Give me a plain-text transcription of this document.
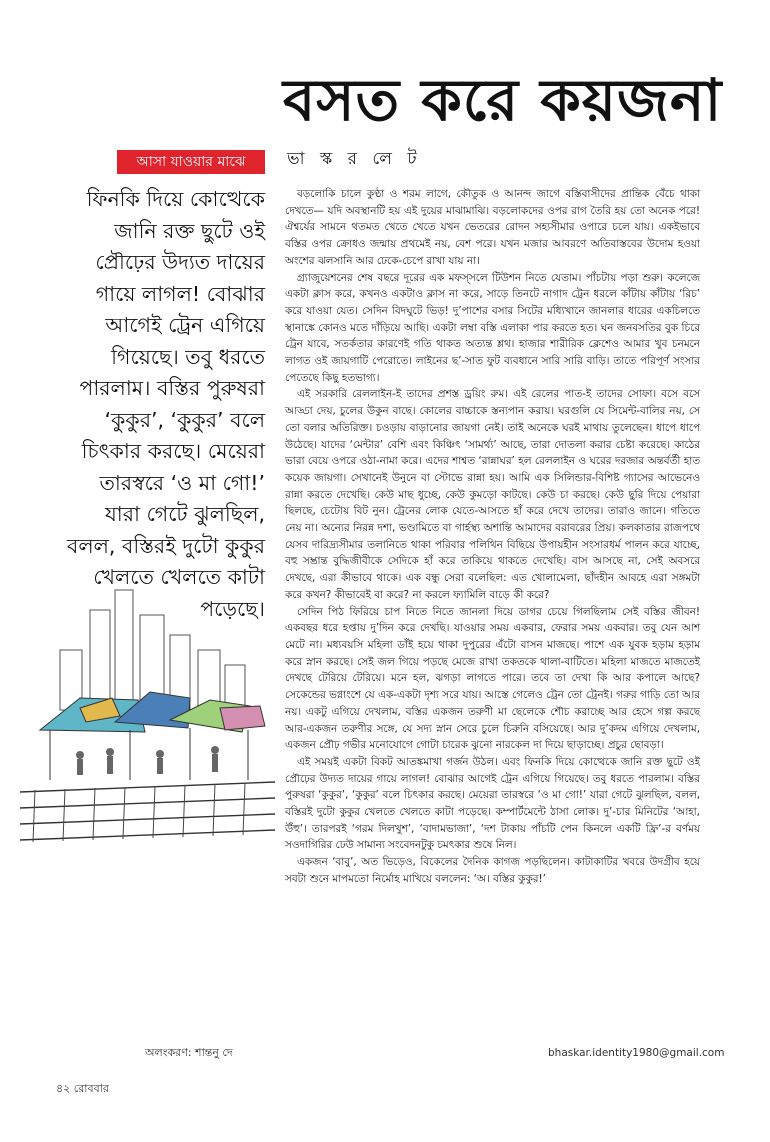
বসত করে কয়জনা
ভা স্ক র লে ট
আসা যাওয়ার মাঝে
ফিনকি দিয়ে কোত্থেকে জানি রক্ত ছুটে ওই প্রৌঢ়ের উদ্যত দায়ের গায়ে লাগল! বোঝার আগেই ট্রেন এগিয়ে গিয়েছে। তবু ধরতে পারলাম। বস্তির পুরুষরা ‘কুকুর’, ‘কুকুর’ বলে চিৎকার করছে। মেয়েরা তারস্বরে ‘ও মা গো!’ যারা গেটে ঝুলছিল, বলল, বস্তিরই দুটো কুকুর খেলতে খেলতে কাটা পড়েছে।

বড়লোকি চালে কুণ্ঠা ও শরম লাগে, কৌতুক ও আনন্দ জাগে বস্তিবাসীদের প্রান্তিক বেঁচে থাকা দেখতে— যদি অবস্থানটি হয় এই দুয়ের মাঝামাঝি। বড়লোকদের ওপর রাগ তৈরি হয় তো অনেক পরে! ঐশ্বর্যের সামনে থতমত খেতে খেতে যখন ভেতরের রোদন সহ্যসীমার ওপারে চলে যায়। একইভাবে বস্তির ওপর ক্রোধও জন্মায় প্রথমেই নয়, বেশ পরে। যখন মজার আবরণে অতিবাস্তবের উদোম হওয়া অংশের ঝলসানি আর ঢেকে-চেপে রাখা যায় না।

গ্র্যাজুয়েশনের শেষ বছরে দূরের এক মফস্সলে টিউশন নিতে যেতাম। পাঁচটায় পড়া শুরু। কলেজে একটা ক্লাস করে, কখনও একটাও ক্লাস না করে, সাড়ে তিনটে নাগাদ ট্রেন ধরলে কাঁটায় কাঁটায় ‘রিচ’ করে যাওয়া যেত। সেদিন বিদঘুটে ভিড়! দু’পাশের বসার সিটের মধ্যিখানে জানলার ধারের একচিলতে স্থানাঙ্কে কোনও মতে দাঁড়িয়ে আছি। একটা লম্বা বস্তি এলাকা পার করতে হত। ঘন জনবসতির বুক চিরে ট্রেন যাবে, সতর্কতার কারণেই গতি থাকত অত্যন্ত শ্লথ। হাজার শারীরিক ক্লেশেও আমার খুব চনমনে লাগত ওই জায়গাটি পেরোতে। লাইনের ছ’-সাত ফুট ব্যবধানে সারি সারি বাড়ি। তাতে পরিপূর্ণ সংসার পেতেছে কিছু হতভাগ্য।

এই সরকারি রেললাইন-ই তাদের প্রশস্ত ড্রয়িং রুম। এই রেলের পাত-ই তাদের সোফা। বসে বসে আড্ডা দেয়, চুলের উকুন বাছে। কোলের বাচ্চাকে স্তন্যপান করায়। ঘরগুলি যে সিমেন্ট-বালির নয়, সে তো বলার অতিরিক্ত। চওড়ায় বাড়ানোর জায়গা নেই। তাই অনেকে ঘরই মাথায় তুলেছেন। ধাপে ধাপে উঠেছে। যাদের ‘মেন্টার’ বেশি এবং কিঞ্চিৎ ‘সামর্থ্য’ আছে, তারা দোতলা করার চেষ্টা করেছে। কাঠের ভারা বেয়ে ওপরে ওঠা-নামা করে। এদের শাশ্বত ‘রান্নাঘর’ হল রেললাইন ও ঘরের দরজার অন্তর্বর্তী হাত কয়েক জায়গা। সেখানেই উনুনে বা স্টোভে রান্না হয়। আমি এক সিলিন্ডার-বিশিষ্ট গ্যাসের আভেনেও রান্না করতে দেখেছি। কেউ মাছ ধুচ্ছে, কেউ কুমড়ো কাটছে। কেউ চা করছে। কেউ ছুরি দিয়ে পেয়ারা ছিলছে, চেটোয় বিট নুন। ট্রেনের লোক যেতে-আসতে হাঁ করে দেখে তাদের। তারাও জানে। গতিতে নেয় না। অন্যের নিরন্ন দশা, ভণ্ডামিতে বা গার্হস্থ্য অশান্তি আমাদের বরাবরের প্রিয়। কলকাতার রাজপথে যেসব দারিদ্র্যসীমার তলানিতে থাকা পরিবার পলিথিন বিছিয়ে উপায়হীন সংসারধর্ম পালন করে যাচ্ছে, বহু সম্ভ্রান্ত বুদ্ধিজীবীকে সেদিকে হাঁ করে তাকিয়ে থাকতে দেখেছি। বাস আসছে না, সেই অবসরে দেখছে, এরা কীভাবে থাকে। এক বন্ধু সেরা বলেছিল: এত খোলামেলা, ছাঁদহীন আবহে এরা সঙ্গমটা করে কখন? কীভাবেই বা করে? না করলে ফ্যামিলি বাড়ে কী করে?

সেদিন পিঠ ফিরিয়ে চাপ নিতে নিতে জানলা দিয়ে ডাগর চেয়ে গিলছিলাম সেই বস্তির জীবন! একবছর ধরে হপ্তায় দু’দিন করে দেখছি। যাওয়ার সময় একবার, ফেরার সময় একবার। তবু যেন আশ মেটে না। মধ্যবয়সি মহিলা ডাঁই হয়ে থাকা দুপুরের এঁটো বাসন মাজছে। পাশে এক যুবক হড়াম হড়াম করে স্নান করছে। সেই জল গিয়ে পড়ছে মেজে রাখা তকতকে থালা-বাটিতে। মহিলা মাজতে মাজতেই দেখছে টেরিয়ে টেরিয়ে। মনে হল, ঝগড়া লাগতে পারে। তবে তা দেখা কি আর কপালে আছে? সেকেন্ডের ভগ্নাংশে যে এক-একটা দৃশ্য সরে যায়। আস্তে গেলেও ট্রেন তো ট্রেনই। গরুর গাড়ি তো আর নয়। একটু এগিয়ে দেখলাম, বস্তির একজন তরুণী মা ছেলেকে শৌচ করাচ্ছে আর হেসে গল্প করছে আর-একজন তরুণীর সঙ্গে, যে সদ্য স্নান সেরে চুলে চিরুনি বসিয়েছে। আর দু’কদম এগিয়ে দেখলাম, একজন প্রৌঢ় গভীর মনোযোগে গোটা চারেক ঝুনো নারকেল দা দিয়ে ছাড়াচ্ছে। প্রচুর ছোবড়া।

এই সময়ই একটা বিকট আতঙ্কমাখা গর্জন উঠল। এবং ফিনকি দিয়ে কোত্থেকে জানি রক্ত ছুটে ওই প্রৌঢ়ের উদ্যত দায়ের গায়ে লাগল! বোঝার আগেই ট্রেন এগিয়ে গিয়েছে। তবু ধরতে পারলাম। বস্তির পুরুষরা ‘কুকুর’, ‘কুকুর’ বলে চিৎকার করছে। মেয়েরা তারস্বরে ‘ও মা গো!’ যারা গেটে ঝুলছিল, বলল, বস্তিরই দুটো কুকুর খেলতে খেলতে কাটা পড়েছে। কম্পার্টমেন্টে ঠাসা লোক। দু’-চার মিনিটের ‘আহা, উঁহু’। তারপরই ‘গরম দিলখুশ’, ‘বাদামভাজা’, ‘দশ টাকায় পাঁচটি পেন কিনলে একটি ফ্রি’-র বর্ণময় সওদাগিরির ঢেউ সামান্য সংবেদনটুকু চমৎকার শুষে নিল।

একজন ‘বাবু’, অত ভিড়েও, বিকেলের দৈনিক কাগজ পড়ছিলেন। কাটাকাটির খবরে উদগ্রীব হয়ে সবটা শুনে মাপমতো নির্মোহ মাখিয়ে বললেন: ‘অ। বস্তির কুকুর!’

অলংকরণ: শান্তনু দে	bhaskar.identity1980@gmail.com
৪২ রোববার
